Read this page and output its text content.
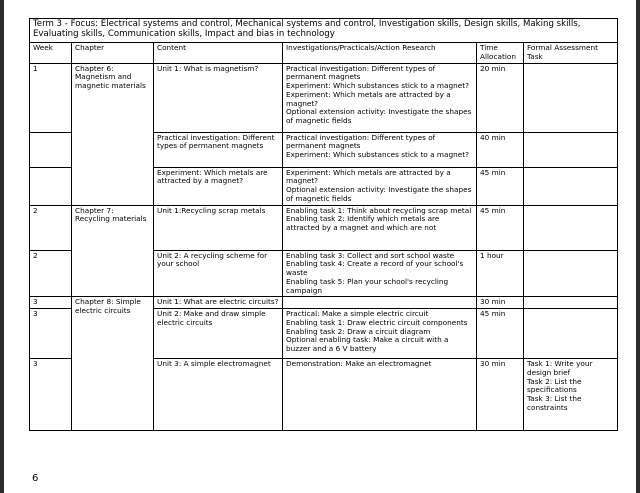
Term 3 - Focus: Electrical systems and control, Mechanical systems and control, Investigation skills, Design skills, Making skills, Evaluating skills, Communication skills, Impact and bias in technology					
Week	Chapter	Content	Investigations/Practicals/Action Research	Time Allocation	Formal Assessment Task
1	Chapter 6: Magnetism and magnetic materials	Unit 1: What is magnetism?	Practical investigation: Different types of permanent magnets
Experiment: Which substances stick to a magnet?
Experiment: Which metals are attracted by a magnet?
Optional extension activity: Investigate the shapes of magnetic fields	20 min	
		Practical investigation: Different types of permanent magnets	Practical investigation: Different types of permanent magnets
Experiment: Which substances stick to a magnet?	40 min	
		Experiment: Which metals are attracted by a magnet?	Experiment: Which metals are attracted by a magnet?
Optional extension activity: Investigate the shapes of magnetic fields	45 min	
2	Chapter 7: Recycling materials	Unit 1:Recycling scrap metals	Enabling task 1: Think about recycling scrap metal
Enabling task 2: Identify which metals are attracted by a magnet and which are not	45 min	
2		Unit 2: A recycling scheme for your school	Enabling task 3: Collect and sort school waste
Enabling task 4: Create a record of your school's waste
Enabling task 5: Plan your school's recycling campaign	1 hour	
3	Chapter 8: Simple electric circuits	Unit 1: What are electric circuits?		30 min	
3		Unit 2: Make and draw simple electric circuits	Practical: Make a simple electric circuit
Enabling task 1: Draw electric circuit components
Enabling task 2: Draw a circuit diagram
Optional enabling task: Make a circuit with a buzzer and a 6 V battery	45 min	
3		Unit 3: A simple electromagnet	Demonstration: Make an electromagnet	30 min	Task 1: Write your design brief
Task 2: List the specifications
Task 3: List the constraints
6
